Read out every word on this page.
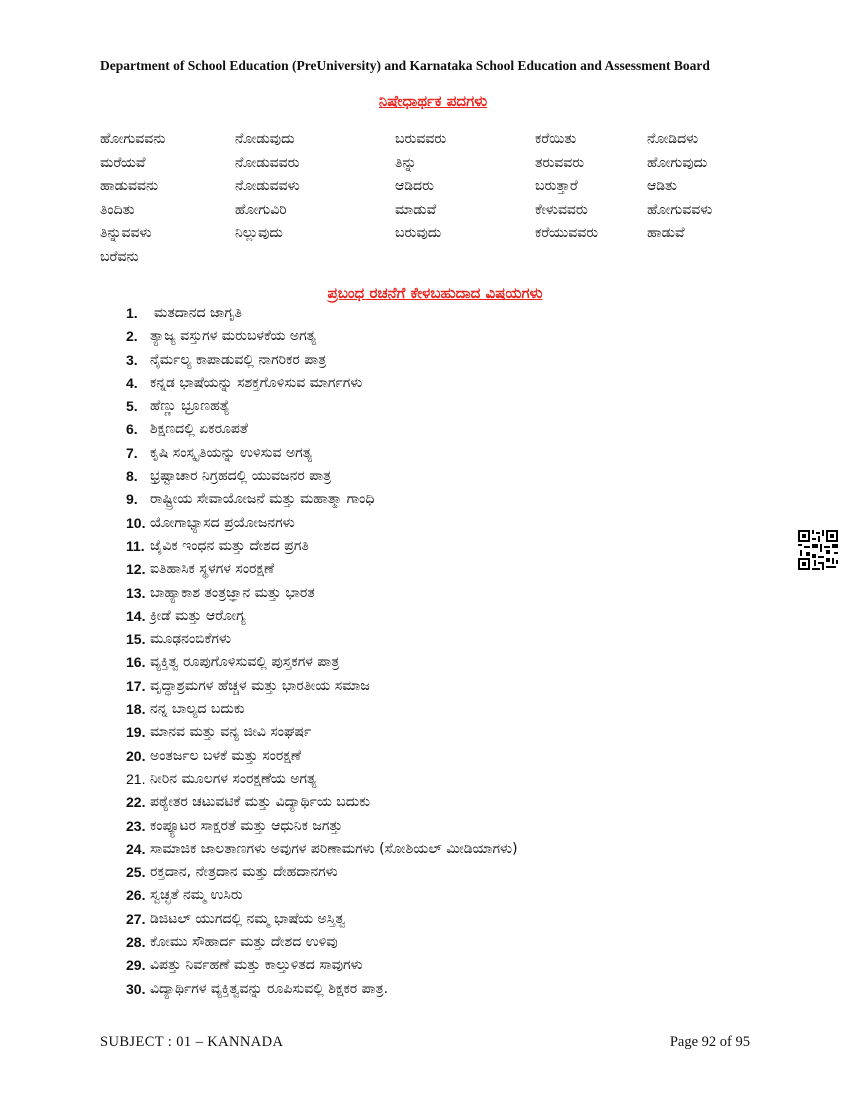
Department of School Education (PreUniversity) and Karnataka School Education and Assessment Board
ನಿಷೇಧಾರ್ಥಕ ಪದಗಳು
ಹೋಗುವವನು	ನೋಡುವುದು	ಬರುವವರು	ಕರೆಯಿತು	ನೋಡಿದಳು
ಮರೆಯವೆ	ನೋಡುವವರು	ತಿನ್ನು	ತರುವವರು	ಹೋಗುವುದು
ಹಾಡುವವನು	ನೋಡುವವಳು	ಆಡಿದರು	ಬರುತ್ತಾರೆ	ಆಡಿತು
ತಿಂದಿತು	ಹೋಗುವಿರಿ	ಮಾಡುವೆ	ಕೇಳುವವರು	ಹೋಗುವವಳು
ತಿನ್ನುವವಳು	ನಿಲ್ಲುವುದು	ಬರುವುದು	ಕರೆಯುವವರು	ಹಾಡುವೆ
ಬರೆವನು
ಪ್ರಬಂಧ ರಚನೆಗೆ ಕೇಳಬಹುದಾದ ವಿಷಯಗಳು
1.	ಮತದಾನದ ಜಾಗೃತಿ
2. ತ್ಯಾಜ್ಯ ವಸ್ತುಗಳ ಮರುಬಳಕೆಯ ಅಗತ್ಯ
3. ನೈರ್ಮಲ್ಯ ಕಾಪಾಡುವಲ್ಲಿ ನಾಗರಿಕರ ಪಾತ್ರ
4. ಕನ್ನಡ ಭಾಷೆಯನ್ನು ಸಶಕ್ತಗೊಳಿಸುವ ಮಾರ್ಗಗಳು
5. ಹೆಣ್ಣು ಭ್ರೂಣಹತ್ಯೆ
6. ಶಿಕ್ಷಣದಲ್ಲಿ ಏಕರೂಪತೆ
7. ಕೃಷಿ ಸಂಸ್ಕೃತಿಯನ್ನು ಉಳಿಸುವ ಅಗತ್ಯ
8. ಭ್ರಷ್ಟಾಚಾರ ನಿಗ್ರಹದಲ್ಲಿ ಯುವಜನರ ಪಾತ್ರ
9. ರಾಷ್ಟ್ರೀಯ ಸೇವಾಯೋಜನೆ ಮತ್ತು ಮಹಾತ್ಮಾ ಗಾಂಧಿ
10. ಯೋಗಾಭ್ಯಾಸದ ಪ್ರಯೋಜನಗಳು
11. ಜೈವಿಕ ಇಂಧನ ಮತ್ತು ದೇಶದ ಪ್ರಗತಿ
12. ಐತಿಹಾಸಿಕ ಸ್ಥಳಗಳ ಸಂರಕ್ಷಣೆ
13. ಬಾಹ್ಯಾಕಾಶ ತಂತ್ರಜ್ಞಾನ ಮತ್ತು ಭಾರತ
14. ಕ್ರೀಡೆ ಮತ್ತು ಆರೋಗ್ಯ
15. ಮೂಢನಂಬಿಕೆಗಳು
16. ವ್ಯಕ್ತಿತ್ವ ರೂಪುಗೊಳಿಸುವಲ್ಲಿ ಪುಸ್ತಕಗಳ ಪಾತ್ರ
17. ವೃದ್ಧಾಶ್ರಮಗಳ ಹೆಚ್ಚಳ ಮತ್ತು ಭಾರತೀಯ ಸಮಾಜ
18. ನನ್ನ ಬಾಲ್ಯದ ಬದುಕು
19. ಮಾನವ ಮತ್ತು ವನ್ಯ ಜೀವಿ ಸಂಘರ್ಷ
20. ಅಂತರ್ಜಲ ಬಳಕೆ ಮತ್ತು ಸಂರಕ್ಷಣೆ
21. ನೀರಿನ ಮೂಲಗಳ ಸಂರಕ್ಷಣೆಯ ಅಗತ್ಯ
22. ಪಠ್ಯೇತರ ಚಟುವಟಿಕೆ ಮತ್ತು ವಿದ್ಯಾರ್ಥಿಯ ಬದುಕು
23. ಕಂಪ್ಯೂಟರ ಸಾಕ್ಷರತೆ ಮತ್ತು ಆಧುನಿಕ ಜಗತ್ತು
24. ಸಾಮಾಜಿಕ ಜಾಲತಾಣಗಳು ಅವುಗಳ ಪರಿಣಾಮಗಳು (ಸೋಶಿಯಲ್ ಮೀಡಿಯಾಗಳು)
25. ರಕ್ತದಾನ, ನೇತ್ರದಾನ ಮತ್ತು ದೇಹದಾನಗಳು
26. ಸ್ವಚ್ಛತೆ ನಮ್ಮ ಉಸಿರು
27. ಡಿಜಿಟಲ್ ಯುಗದಲ್ಲಿ ನಮ್ಮ ಭಾಷೆಯ ಅಸ್ತಿತ್ವ
28. ಕೋಮು ಸೌಹಾರ್ದ ಮತ್ತು ದೇಶದ ಉಳಿವು
29. ವಿಪತ್ತು ನಿರ್ವಹಣೆ ಮತ್ತು ಕಾಲ್ತುಳಿತದ ಸಾವುಗಳು
30. ವಿದ್ಯಾರ್ಥಿಗಳ ವ್ಯಕ್ತಿತ್ವವನ್ನು ರೂಪಿಸುವಲ್ಲಿ ಶಿಕ್ಷಕರ ಪಾತ್ರ.
SUBJECT : 01 – KANNADA	Page 92 of 95
